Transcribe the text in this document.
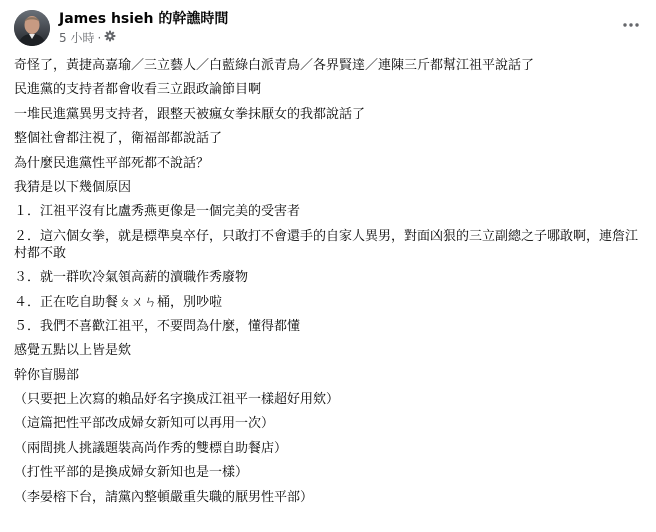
James hsieh 的幹譙時間
5 小時 ·

奇怪了，黃捷高嘉瑜／三立藝人／白藍綠白派青鳥／各界賢達／連陳三斤都幫江祖平說話了

民進黨的支持者都會收看三立跟政論節目啊

一堆民進黨異男支持者，跟整天被瘋女拳抹厭女的我都說話了

整個社會都注視了，衛福部都說話了

為什麼民進黨性平部死都不說話？

我猜是以下幾個原因

１．江祖平沒有比盧秀燕更像是一個完美的受害者

２．這六個女拳，就是標準臭卒仔，只敢打不會還手的自家人異男，對面凶狠的三立副總之子哪敢啊，連詹江村都不敢

３．就一群吹冷氣領高薪的瀆職作秀廢物

４．正在吃自助餐ㄆㄨㄣ桶，別吵啦

５．我們不喜歡江祖平，不要問為什麼，懂得都懂

感覺五點以上皆是欸

幹你盲腸部

（只要把上次寫的賴品妤名字換成江祖平一樣超好用欸）

（這篇把性平部改成婦女新知可以再用一次）

（兩間挑人挑議題裝高尚作秀的雙標自助餐店）

（打性平部的是換成婦女新知也是一樣）

（李晏榕下台，請黨內整頓嚴重失職的厭男性平部）
